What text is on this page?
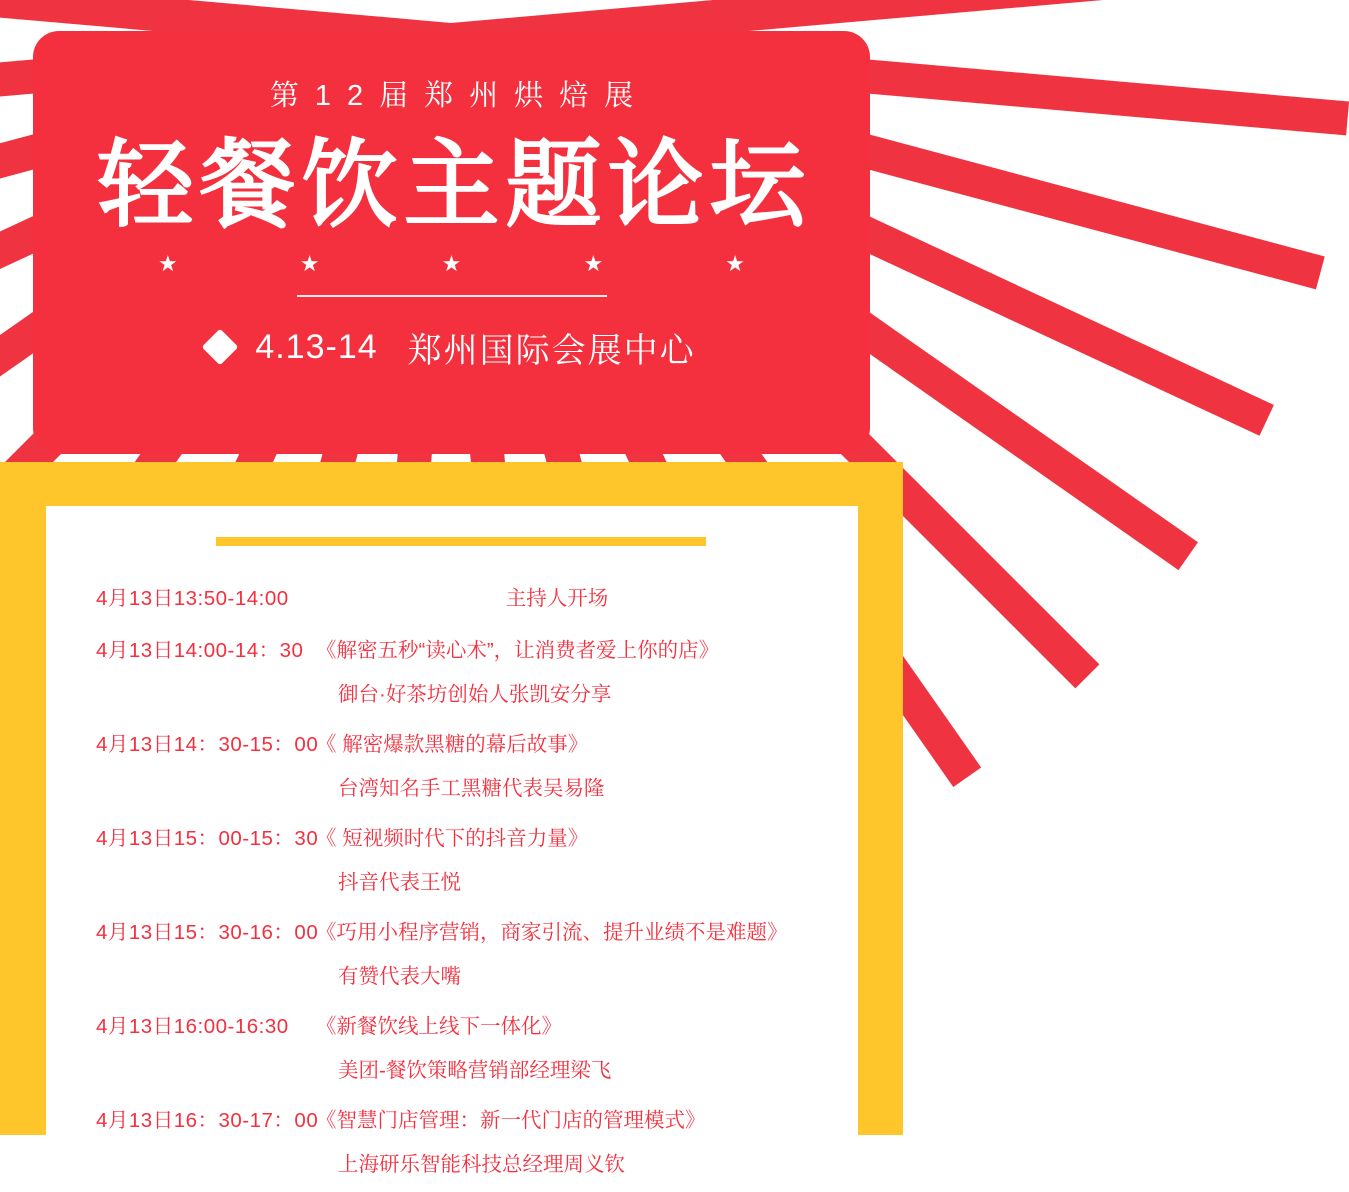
第12届郑州烘焙展
轻餐饮主题论坛
★ ★ ★ ★ ★
4.13-14 郑州国际会展中心
4月13日13:50-14:00	主持人开场
4月13日14:00-14：30 《解密五秒“读心术”，让消费者爱上你的店》
御台·好茶坊创始人张凯安分享
4月13日14：30-15：00
《 解密爆款黑糖的幕后故事》
台湾知名手工黑糖代表吴易隆
4月13日15：00-15：30
《 短视频时代下的抖音力量》
抖音代表王悦
4月13日15：30-16：00
《巧用小程序营销，商家引流、提升业绩不是难题》
有赞代表大嘴
4月13日16:00-16:30	《新餐饮线上线下一体化》
美团-餐饮策略营销部经理梁飞
4月13日16：30-17：00
《智慧门店管理：新一代门店的管理模式》
上海研乐智能科技总经理周义钦
